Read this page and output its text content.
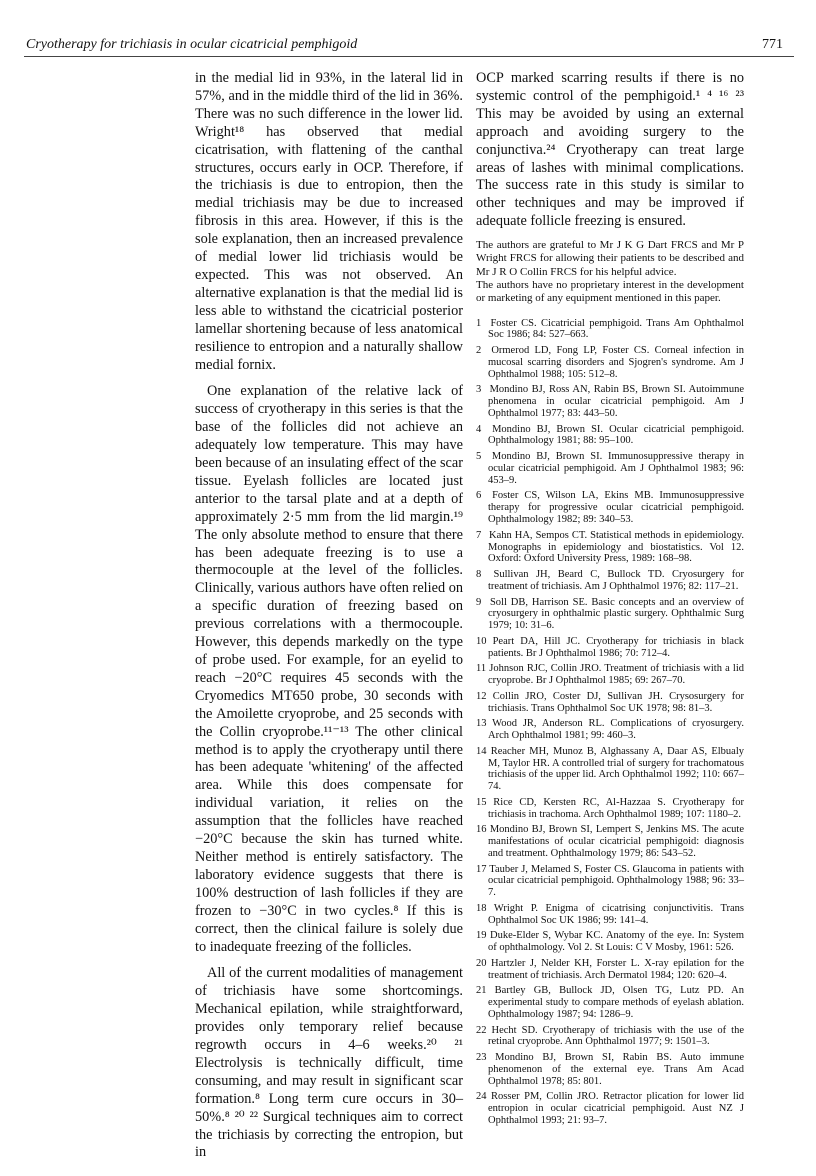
Cryotherapy for trichiasis in ocular cicatricial pemphigoid	771

in the medial lid in 93%, in the lateral lid in 57%, and in the middle third of the lid in 36%. There was no such difference in the lower lid. Wright¹⁸ has observed that medial cicatrisation, with flattening of the canthal structures, occurs early in OCP. Therefore, if the trichiasis is due to entropion, then the medial trichiasis may be due to increased fibrosis in this area. However, if this is the sole explanation, then an increased prevalence of medial lower lid trichiasis would be expected. This was not observed. An alternative explanation is that the medial lid is less able to withstand the cicatricial posterior lamellar shortening because of less anatomical resilience to entropion and a naturally shallow medial fornix.

One explanation of the relative lack of success of cryotherapy in this series is that the base of the follicles did not achieve an adequately low temperature. This may have been because of an insulating effect of the scar tissue. Eyelash follicles are located just anterior to the tarsal plate and at a depth of approximately 2·5 mm from the lid margin.¹⁹ The only absolute method to ensure that there has been adequate freezing is to use a thermocouple at the level of the follicles. Clinically, various authors have often relied on a specific duration of freezing based on previous correlations with a thermocouple. However, this depends markedly on the type of probe used. For example, for an eyelid to reach −20°C requires 45 seconds with the Cryomedics MT650 probe, 30 seconds with the Amoilette cryoprobe, and 25 seconds with the Collin cryoprobe.¹¹⁻¹³ The other clinical method is to apply the cryotherapy until there has been adequate 'whitening' of the affected area. While this does compensate for individual variation, it relies on the assumption that the follicles have reached −20°C because the skin has turned white. Neither method is entirely satisfactory. The laboratory evidence suggests that there is 100% destruction of lash follicles if they are frozen to −30°C in two cycles.⁸ If this is correct, then the clinical failure is solely due to inadequate freezing of the follicles.

All of the current modalities of management of trichiasis have some shortcomings. Mechanical epilation, while straightforward, provides only temporary relief because regrowth occurs in 4–6 weeks.²⁰ ²¹ Electrolysis is technically difficult, time consuming, and may result in significant scar formation.⁸ Long term cure occurs in 30–50%.⁸ ²⁰ ²² Surgical techniques aim to correct the trichiasis by correcting the entropion, but in

OCP marked scarring results if there is no systemic control of the pemphigoid.¹ ⁴ ¹⁶ ²³ This may be avoided by using an external approach and avoiding surgery to the conjunctiva.²⁴ Cryotherapy can treat large areas of lashes with minimal complications. The success rate in this study is similar to other techniques and may be improved if adequate follicle freezing is ensured.

The authors are grateful to Mr J K G Dart FRCS and Mr P Wright FRCS for allowing their patients to be described and Mr J R O Collin FRCS for his helpful advice.

The authors have no proprietary interest in the development or marketing of any equipment mentioned in this paper.

1 Foster CS. Cicatricial pemphigoid. Trans Am Ophthalmol Soc 1986; 84: 527–663.
2 Ormerod LD, Fong LP, Foster CS. Corneal infection in mucosal scarring disorders and Sjogren's syndrome. Am J Ophthalmol 1988; 105: 512–8.
3 Mondino BJ, Ross AN, Rabin BS, Brown SI. Autoimmune phenomena in ocular cicatricial pemphigoid. Am J Ophthalmol 1977; 83: 443–50.
4 Mondino BJ, Brown SI. Ocular cicatricial pemphigoid. Ophthalmology 1981; 88: 95–100.
5 Mondino BJ, Brown SI. Immunosuppressive therapy in ocular cicatricial pemphigoid. Am J Ophthalmol 1983; 96: 453–9.
6 Foster CS, Wilson LA, Ekins MB. Immunosuppressive therapy for progressive ocular cicatricial pemphigoid. Ophthalmology 1982; 89: 340–53.
7 Kahn HA, Sempos CT. Statistical methods in epidemiology. Monographs in epidemiology and biostatistics. Vol 12. Oxford: Oxford University Press, 1989: 168–98.
8 Sullivan JH, Beard C, Bullock TD. Cryosurgery for treatment of trichiasis. Am J Ophthalmol 1976; 82: 117–21.
9 Soll DB, Harrison SE. Basic concepts and an overview of cryosurgery in ophthalmic plastic surgery. Ophthalmic Surg 1979; 10: 31–6.
10 Peart DA, Hill JC. Cryotherapy for trichiasis in black patients. Br J Ophthalmol 1986; 70: 712–4.
11 Johnson RJC, Collin JRO. Treatment of trichiasis with a lid cryoprobe. Br J Ophthalmol 1985; 69: 267–70.
12 Collin JRO, Coster DJ, Sullivan JH. Crysosurgery for trichiasis. Trans Ophthalmol Soc UK 1978; 98: 81–3.
13 Wood JR, Anderson RL. Complications of cryosurgery. Arch Ophthalmol 1981; 99: 460–3.
14 Reacher MH, Munoz B, Alghassany A, Daar AS, Elbualy M, Taylor HR. A controlled trial of surgery for trachomatous trichiasis of the upper lid. Arch Ophthalmol 1992; 110: 667–74.
15 Rice CD, Kersten RC, Al-Hazzaa S. Cryotherapy for trichiasis in trachoma. Arch Ophthalmol 1989; 107: 1180–2.
16 Mondino BJ, Brown SI, Lempert S, Jenkins MS. The acute manifestations of ocular cicatricial pemphigoid: diagnosis and treatment. Ophthalmology 1979; 86: 543–52.
17 Tauber J, Melamed S, Foster CS. Glaucoma in patients with ocular cicatricial pemphigoid. Ophthalmology 1988; 96: 33–7.
18 Wright P. Enigma of cicatrising conjunctivitis. Trans Ophthalmol Soc UK 1986; 99: 141–4.
19 Duke-Elder S, Wybar KC. Anatomy of the eye. In: System of ophthalmology. Vol 2. St Louis: C V Mosby, 1961: 526.
20 Hartzler J, Nelder KH, Forster L. X-ray epilation for the treatment of trichiasis. Arch Dermatol 1984; 120: 620–4.
21 Bartley GB, Bullock JD, Olsen TG, Lutz PD. An experimental study to compare methods of eyelash ablation. Ophthalmology 1987; 94: 1286–9.
22 Hecht SD. Cryotherapy of trichiasis with the use of the retinal cryoprobe. Ann Ophthalmol 1977; 9: 1501–3.
23 Mondino BJ, Brown SI, Rabin BS. Auto immune phenomenon of the external eye. Trans Am Acad Ophthalmol 1978; 85: 801.
24 Rosser PM, Collin JRO. Retractor plication for lower lid entropion in ocular cicatricial pemphigoid. Aust NZ J Ophthalmol 1993; 21: 93–7.
